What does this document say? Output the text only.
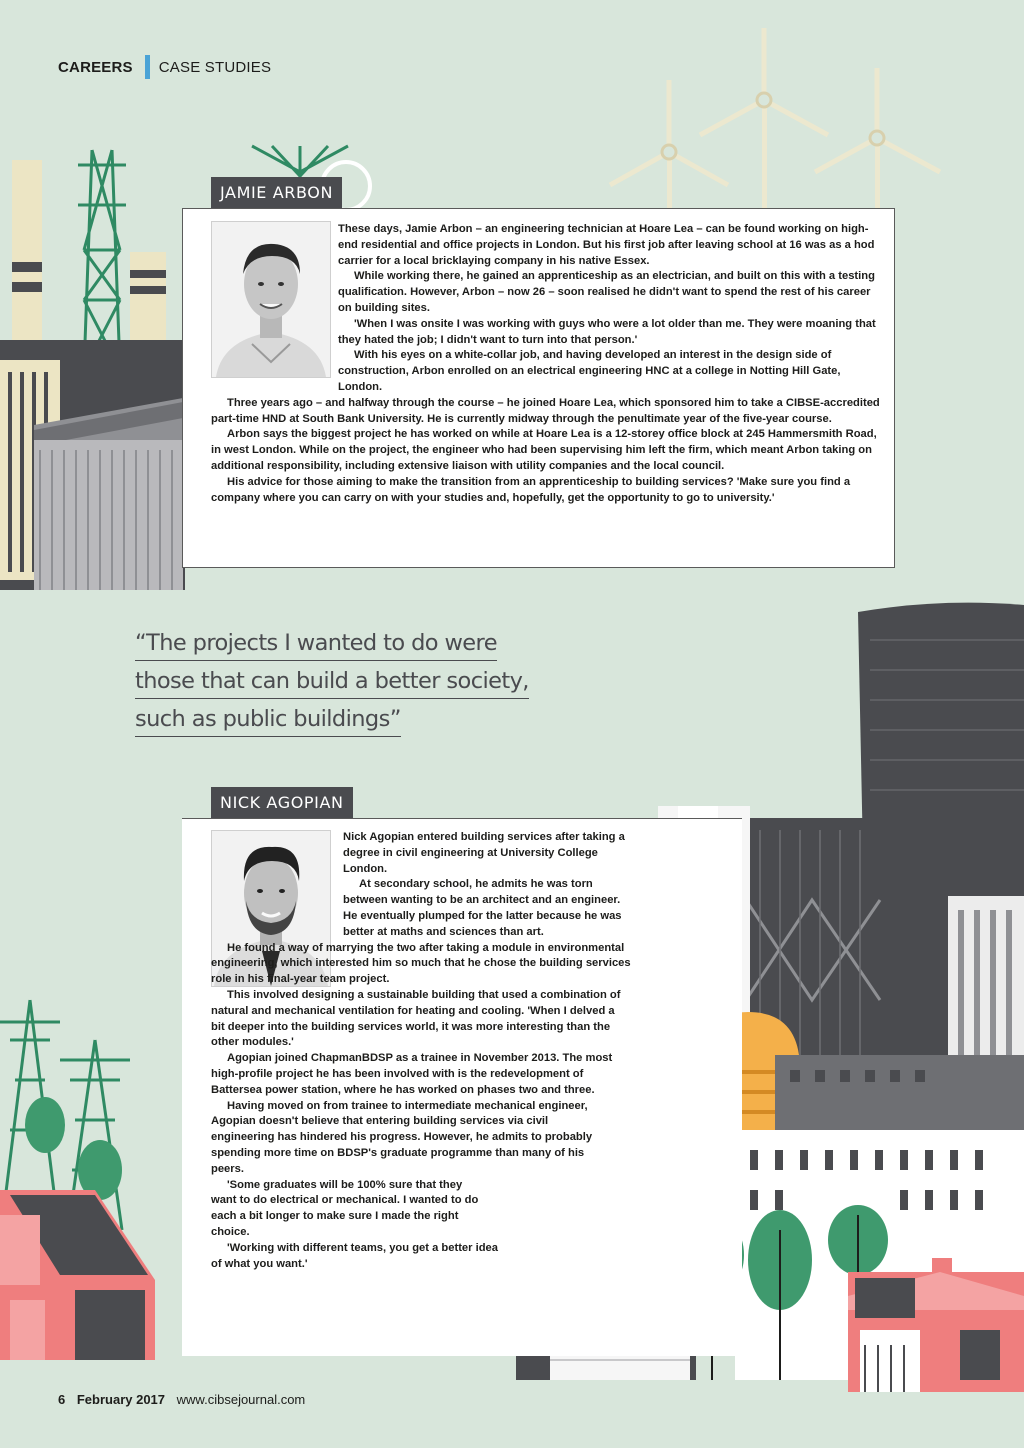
CAREERS CASE STUDIES
JAMIE ARBON

These days, Jamie Arbon – an engineering technician at Hoare Lea – can be found working on high-end residential and office projects in London. But his first job after leaving school at 16 was as a hod carrier for a local bricklaying company in his native Essex.

While working there, he gained an apprenticeship as an electrician, and built on this with a testing qualification. However, Arbon – now 26 – soon realised he didn't want to spend the rest of his career on building sites.

'When I was onsite I was working with guys who were a lot older than me. They were moaning that they hated the job; I didn't want to turn into that person.'

With his eyes on a white-collar job, and having developed an interest in the design side of construction, Arbon enrolled on an electrical engineering HNC at a college in Notting Hill Gate, London.

Three years ago – and halfway through the course – he joined Hoare Lea, which sponsored him to take a CIBSE-accredited part-time HND at South Bank University. He is currently midway through the penultimate year of the five-year course.

Arbon says the biggest project he has worked on while at Hoare Lea is a 12-storey office block at 245 Hammersmith Road, in west London. While on the project, the engineer who had been supervising him left the firm, which meant Arbon taking on additional responsibility, including extensive liaison with utility companies and the local council.

His advice for those aiming to make the transition from an apprenticeship to building services? 'Make sure you find a company where you can carry on with your studies and, hopefully, get the opportunity to go to university.'

“The projects I wanted to do were
those that can build a better society,
such as public buildings”
NICK AGOPIAN

Nick Agopian entered building services after taking a degree in civil engineering at University College London.

At secondary school, he admits he was torn between wanting to be an architect and an engineer. He eventually plumped for the latter because he was better at maths and sciences than art.

He found a way of marrying the two after taking a module in environmental engineering, which interested him so much that he chose the building services role in his final-year team project.

This involved designing a sustainable building that used a combination of natural and mechanical ventilation for heating and cooling. 'When I delved a bit deeper into the building services world, it was more interesting than the other modules.'

Agopian joined ChapmanBDSP as a trainee in November 2013. The most high-profile project he has been involved with is the redevelopment of Battersea power station, where he has worked on phases two and three.

Having moved on from trainee to intermediate mechanical engineer, Agopian doesn't believe that entering building services via civil engineering has hindered his progress. However, he admits to probably spending more time on BDSP's graduate programme than many of his peers.

'Some graduates will be 100% sure that they want to do electrical or mechanical. I wanted to do each a bit longer to make sure I made the right choice.

'Working with different teams, you get a better idea of what you want.'

6 February 2017 www.cibsejournal.com
